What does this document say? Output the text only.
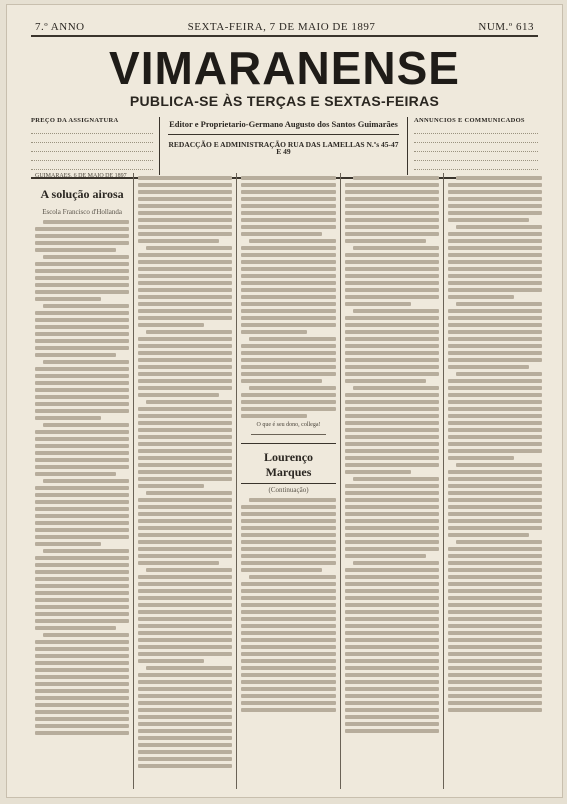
7.º ANNO	SEXTA-FEIRA, 7 DE MAIO DE 1897	NUM.º 613
VIMARANENSE
PUBLICA-SE ÀS TERÇAS E SEXTAS-FEIRAS
PREÇO DA ASSIGNATURA	Editor e Proprietario-Germano Augusto dos Santos Guimarães
REDACÇÃO E ADMINISTRAÇÃO RUA DAS LAMELLAS N.ºs 45-47 E 49
ANNUNCIOS E COMMUNICADOS
GUIMARÃES, 6 DE MAIO DE 1897
A solução airosa
Escola Francisco d'Hollanda
O que é seu dono, collega!
Lourenço Marques
(Continuação)
